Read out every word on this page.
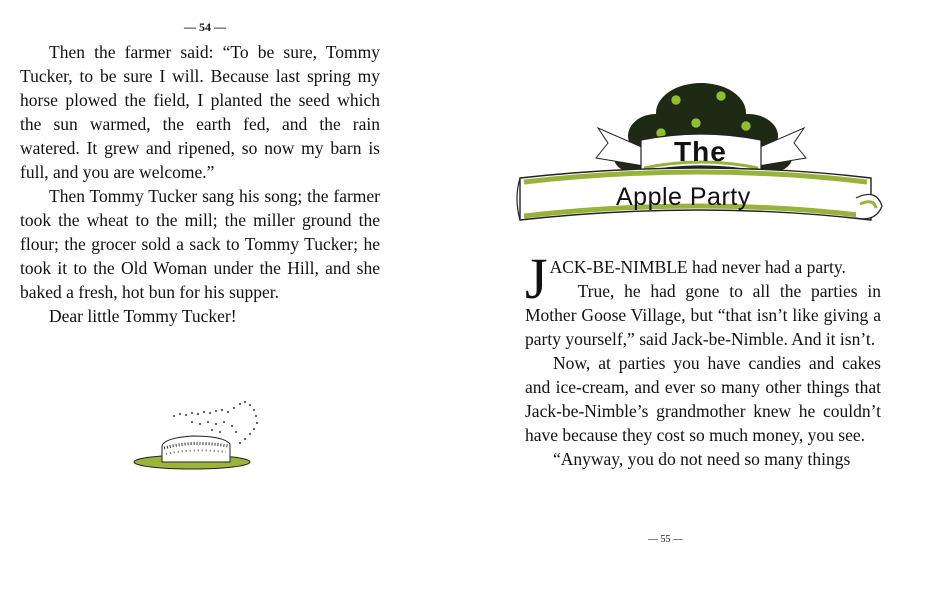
— 54 —

Then the farmer said: “To be sure, Tommy Tucker, to be sure I will. Because last spring my horse plowed the field, I planted the seed which the sun warmed, the earth fed, and the rain watered. It grew and ripened, so now my barn is full, and you are welcome.”

Then Tommy Tucker sang his song; the farmer took the wheat to the mill; the miller ground the flour; the grocer sold a sack to Tommy Tucker; he took it to the Old Woman under the Hill, and she baked a fresh, hot bun for his supper.

Dear little Tommy Tucker!

The
Apple Party

JACK-BE-NIMBLE had never had a party.

True, he had gone to all the parties in Mother Goose Village, but “that isn’t like giving a party yourself,” said Jack-be-Nimble. And it isn’t.

Now, at parties you have candies and cakes and ice-cream, and ever so many other things that Jack-be-Nimble’s grandmother knew he couldn’t have because they cost so much money, you see.

“Anyway, you do not need so many things

— 55 —
